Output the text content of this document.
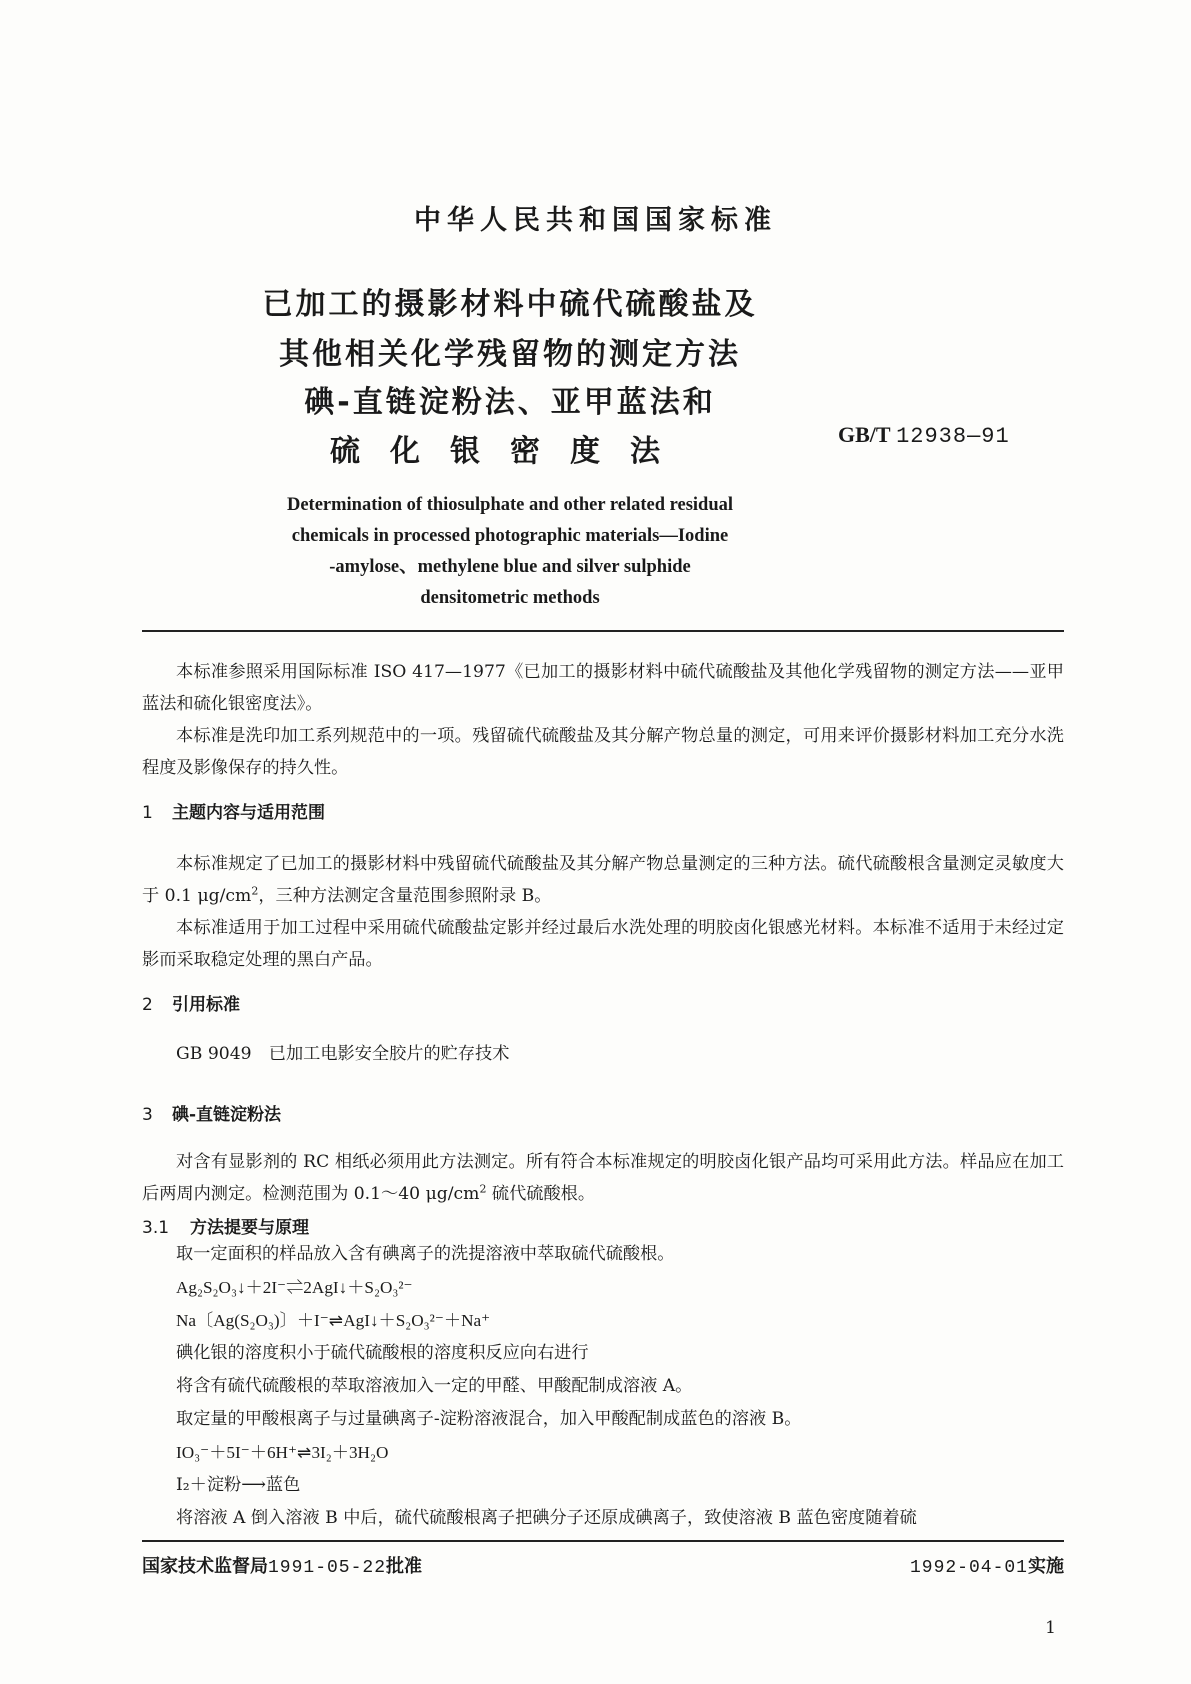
中华人民共和国国家标准
已加工的摄影材料中硫代硫酸盐及
其他相关化学残留物的测定方法
碘-直链淀粉法、亚甲蓝法和
硫化银密度法	GB/T 12938—91
Determination of thiosulphate and other related residual
chemicals in processed photographic materials—Iodine
-amylose、methylene blue and silver sulphide
densitometric methods
本标准参照采用国际标准 ISO 417—1977《已加工的摄影材料中硫代硫酸盐及其他化学残留物的测定方法——亚甲蓝法和硫化银密度法》。
本标准是洗印加工系列规范中的一项。残留硫代硫酸盐及其分解产物总量的测定，可用来评价摄影材料加工充分水洗程度及影像保存的持久性。
1 主题内容与适用范围
本标准规定了已加工的摄影材料中残留硫代硫酸盐及其分解产物总量测定的三种方法。硫代硫酸根含量测定灵敏度大于 0.1 $\mu g/cm^2$，三种方法测定含量范围参照附录 B。
本标准适用于加工过程中采用硫代硫酸盐定影并经过最后水洗处理的明胶卤化银感光材料。本标准不适用于未经过定影而采取稳定处理的黑白产品。
2 引用标准
GB 9049　已加工电影安全胶片的贮存技术
3 碘-直链淀粉法
对含有显影剂的 RC 相纸必须用此方法测定。所有符合本标准规定的明胶卤化银产品均可采用此方法。样品应在加工后两周内测定。检测范围为 0.1～40 $\mu g/cm^2$ 硫代硫酸根。
3.1 方法提要与原理
取一定面积的样品放入含有碘离子的洗提溶液中萃取硫代硫酸根。
Ag₂S₂O₃↓＋2I⁻⇌2AgI↓＋S₂O₃²⁻
Na〔Ag(S₂O₃)〕＋I⁻⇌AgI↓＋S₂O₃²⁻＋Na⁺
碘化银的溶度积小于硫代硫酸根的溶度积反应向右进行
将含有硫代硫酸根的萃取溶液加入一定的甲醛、甲酸配制成溶液 A。
取定量的甲酸根离子与过量碘离子-淀粉溶液混合，加入甲酸配制成蓝色的溶液 B。
IO₃⁻＋5I⁻＋6H⁺⇌3I₂＋3H₂O
I₂＋淀粉⟶蓝色
将溶液 A 倒入溶液 B 中后，硫代硫酸根离子把碘分子还原成碘离子，致使溶液 B 蓝色密度随着硫
国家技术监督局1991-05-22批准	1992-04-01实施
1
